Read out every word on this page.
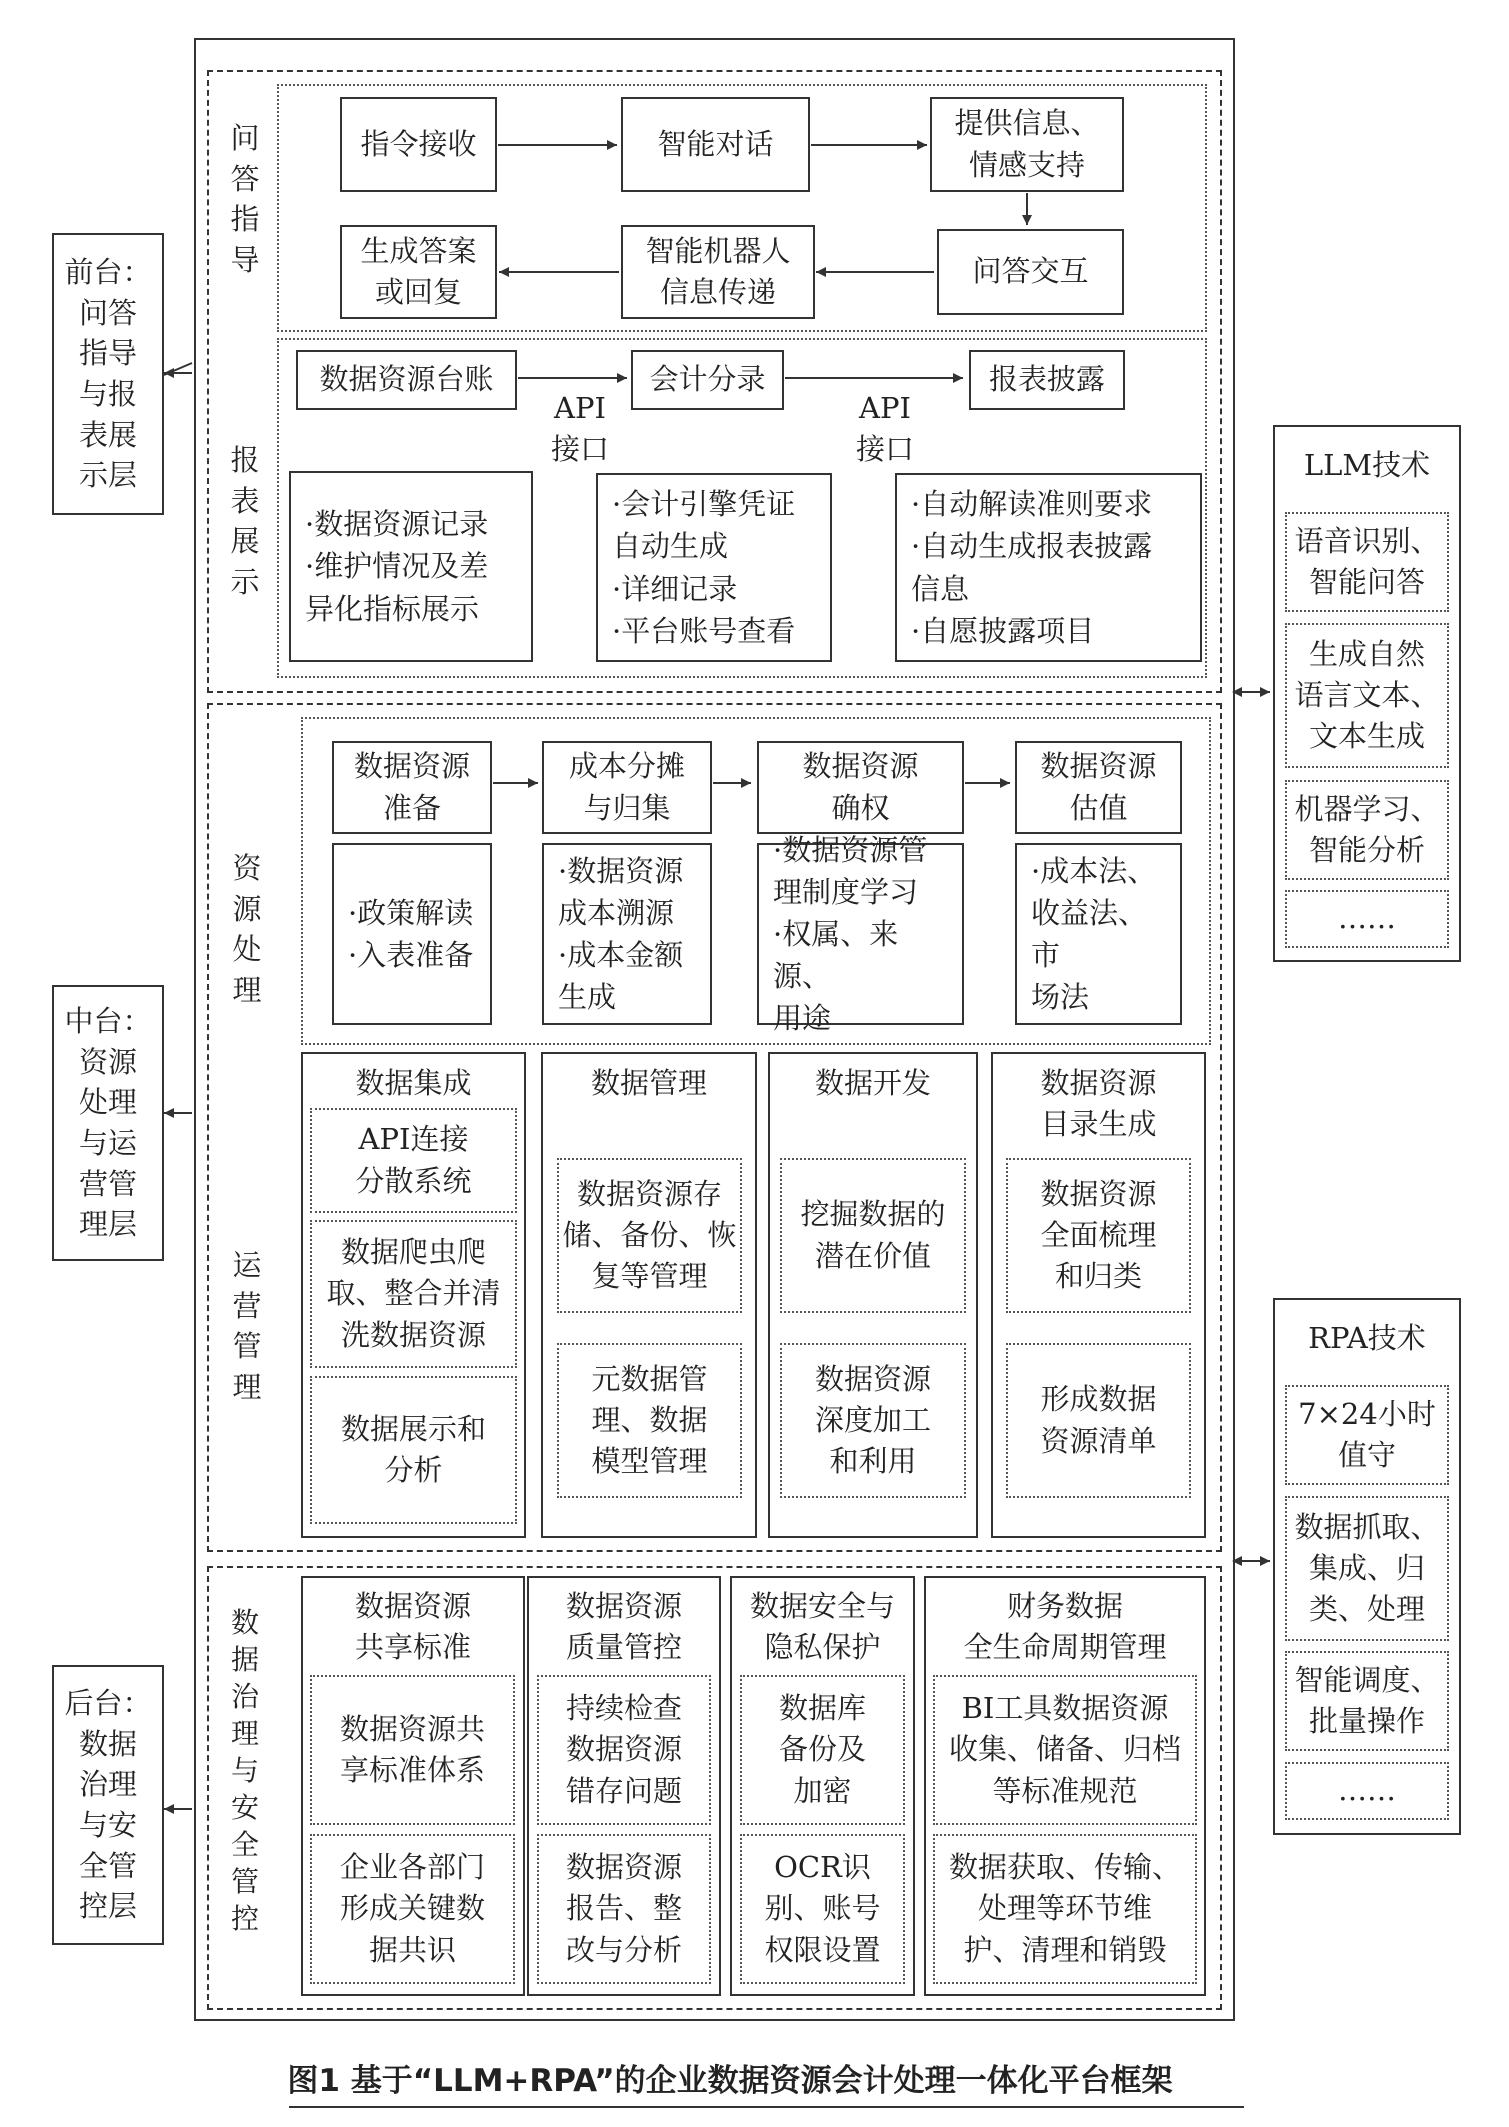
前台：
问答
指导
与报
表展
示层
中台：
资源
处理
与运
营管
理层
后台：
数据
治理
与安
全管
控层
问
答
指
导
指令接收	智能对话
提供信息、
情感支持
问答交互
智能机器人
信息传递
生成答案
或回复
报
表
展
示
数据资源台账	会计分录	报表披露
API
接口
API
接口
·数据资源记录
·维护情况及差
异化指标展示
·会计引擎凭证
自动生成
·详细记录
·平台账号查看
·自动解读准则要求
·自动生成报表披露
信息
·自愿披露项目
资
源
处
理
数据资源
准备
成本分摊
与归集
数据资源
确权
数据资源
估值
·政策解读
·入表准备
·数据资源
成本溯源
·成本金额
生成
·数据资源管
理制度学习
·权属、来源、
用途
·成本法、
收益法、市
场法
运
营
管
理
数据集成
API连接
分散系统
数据爬虫爬
取、整合并清
洗数据资源
数据展示和
分析
数据管理
数据资源存
储、备份、恢
复等管理
元数据管
理、数据
模型管理
数据开发
挖掘数据的
潜在价值
数据资源
深度加工
和利用
数据资源
目录生成
数据资源
全面梳理
和归类
形成数据
资源清单
数
据
治
理
与
安
全
管
控
数据资源
共享标准
数据资源共
享标准体系
企业各部门
形成关键数
据共识
数据资源
质量管控
持续检查
数据资源
错存问题
数据资源
报告、整
改与分析
数据安全与
隐私保护
数据库
备份及
加密
OCR识
别、账号
权限设置
财务数据
全生命周期管理
BI工具数据资源
收集、储备、归档
等标准规范
数据获取、传输、
处理等环节维
护、清理和销毁
LLM技术
语音识别、
智能问答
生成自然
语言文本、
文本生成
机器学习、
智能分析
……
RPA技术
7×24小时
值守
数据抓取、
集成、归
类、处理
智能调度、
批量操作
……
图1 基于“LLM+RPA”的企业数据资源会计处理一体化平台框架
